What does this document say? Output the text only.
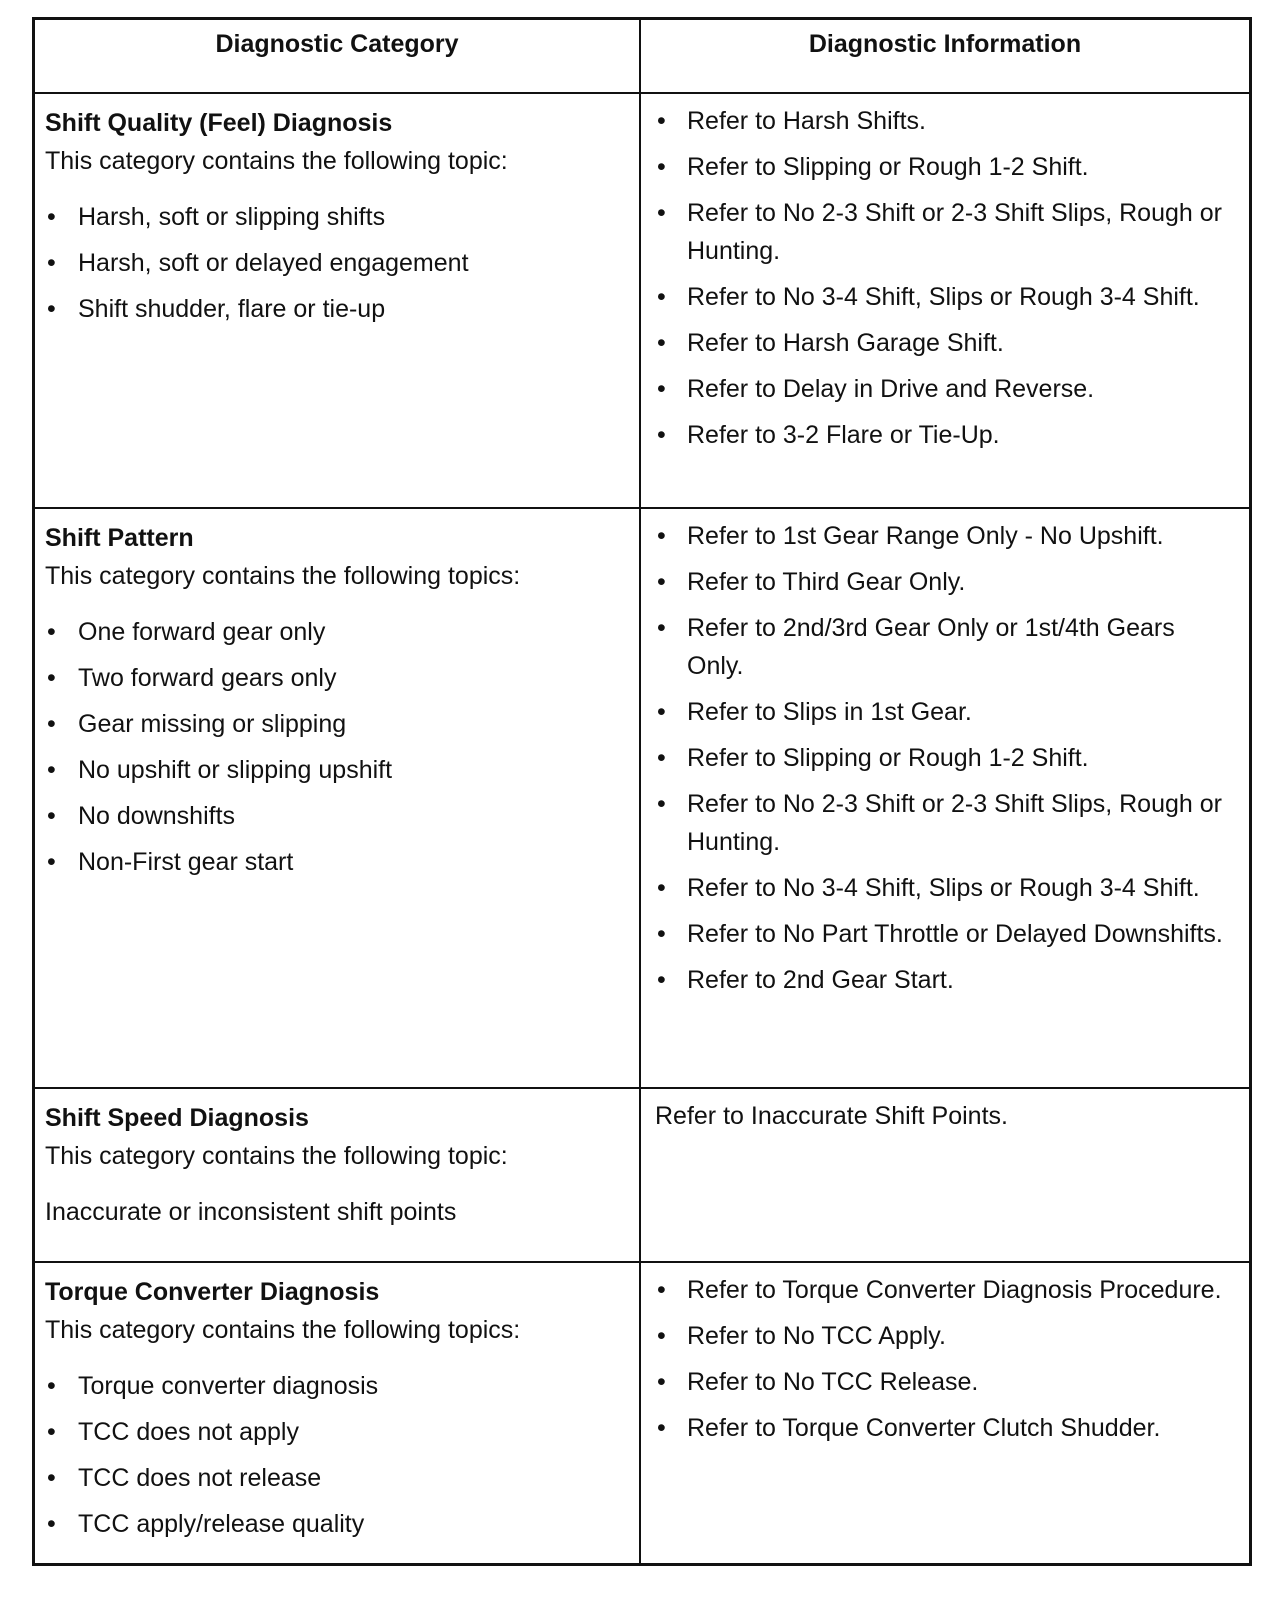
Diagnostic Category	Diagnostic Information
Shift Quality (Feel) Diagnosis
This category contains the following topic:
• Harsh, soft or slipping shifts
• Harsh, soft or delayed engagement
• Shift shudder, flare or tie-up
• Refer to Harsh Shifts.
• Refer to Slipping or Rough 1-2 Shift.
• Refer to No 2-3 Shift or 2-3 Shift Slips, Rough or Hunting.
• Refer to No 3-4 Shift, Slips or Rough 3-4 Shift.
• Refer to Harsh Garage Shift.
• Refer to Delay in Drive and Reverse.
• Refer to 3-2 Flare or Tie-Up.
Shift Pattern
This category contains the following topics:
• One forward gear only
• Two forward gears only
• Gear missing or slipping
• No upshift or slipping upshift
• No downshifts
• Non-First gear start
• Refer to 1st Gear Range Only - No Upshift.
• Refer to Third Gear Only.
• Refer to 2nd/3rd Gear Only or 1st/4th Gears Only.
• Refer to Slips in 1st Gear.
• Refer to Slipping or Rough 1-2 Shift.
• Refer to No 2-3 Shift or 2-3 Shift Slips, Rough or Hunting.
• Refer to No 3-4 Shift, Slips or Rough 3-4 Shift.
• Refer to No Part Throttle or Delayed Downshifts.
• Refer to 2nd Gear Start.
Shift Speed Diagnosis
This category contains the following topic:
Inaccurate or inconsistent shift points
Refer to Inaccurate Shift Points.
Torque Converter Diagnosis
This category contains the following topics:
• Torque converter diagnosis
• TCC does not apply
• TCC does not release
• TCC apply/release quality
• Refer to Torque Converter Diagnosis Procedure.
• Refer to No TCC Apply.
• Refer to No TCC Release.
• Refer to Torque Converter Clutch Shudder.
